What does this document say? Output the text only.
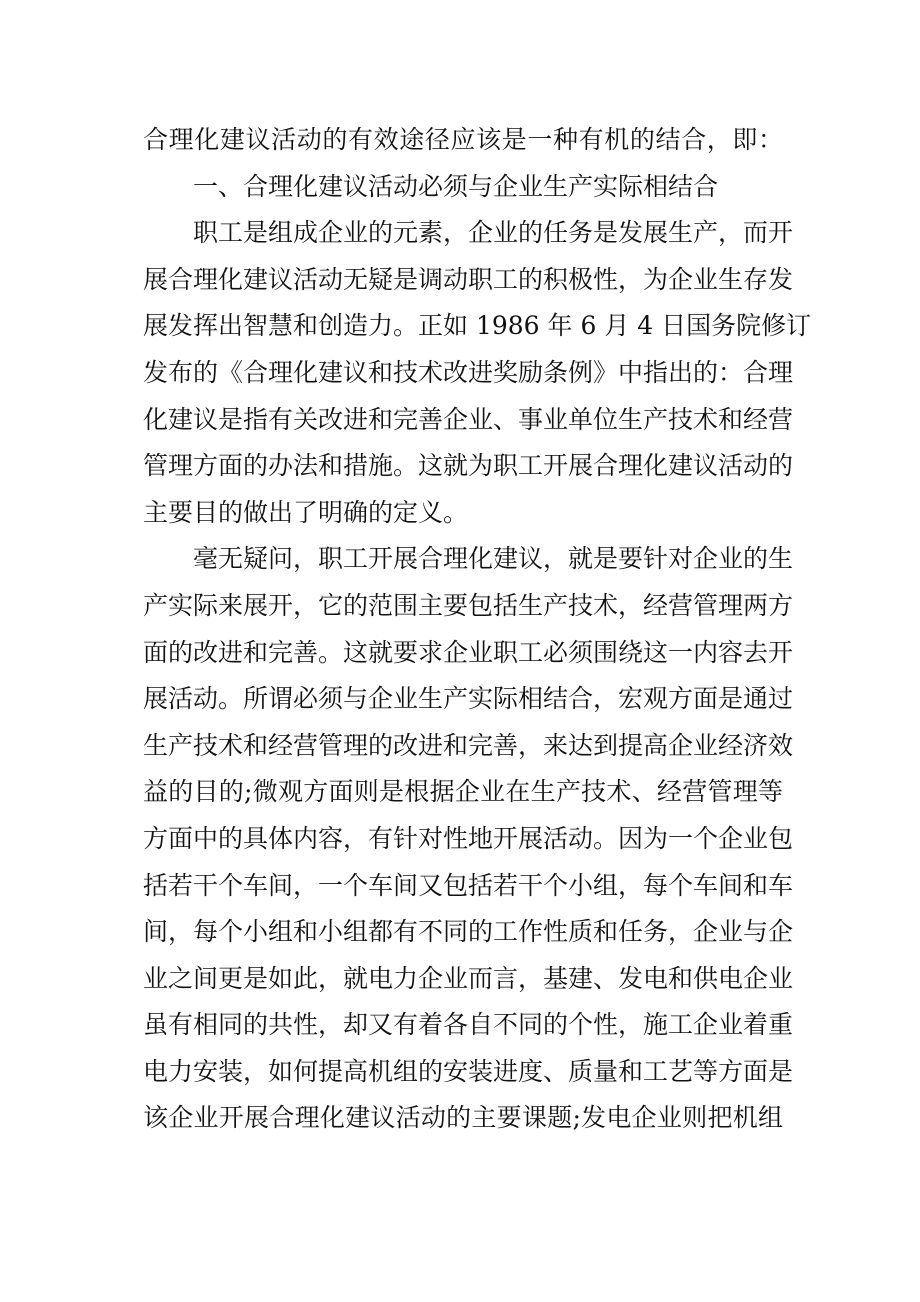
合理化建议活动的有效途径应该是一种有机的结合，即：
一、合理化建议活动必须与企业生产实际相结合
职工是组成企业的元素，企业的任务是发展生产，而开
展合理化建议活动无疑是调动职工的积极性，为企业生存发
展发挥出智慧和创造力。正如 1986 年 6 月 4 日国务院修订
发布的《合理化建议和技术改进奖励条例》中指出的：合理
化建议是指有关改进和完善企业、事业单位生产技术和经营
管理方面的办法和措施。这就为职工开展合理化建议活动的
主要目的做出了明确的定义。
毫无疑问，职工开展合理化建议，就是要针对企业的生
产实际来展开，它的范围主要包括生产技术，经营管理两方
面的改进和完善。这就要求企业职工必须围绕这一内容去开
展活动。所谓必须与企业生产实际相结合，宏观方面是通过
生产技术和经营管理的改进和完善，来达到提高企业经济效
益的目的;微观方面则是根据企业在生产技术、经营管理等
方面中的具体内容，有针对性地开展活动。因为一个企业包
括若干个车间，一个车间又包括若干个小组，每个车间和车
间，每个小组和小组都有不同的工作性质和任务，企业与企
业之间更是如此，就电力企业而言，基建、发电和供电企业
虽有相同的共性，却又有着各自不同的个性，施工企业着重
电力安装，如何提高机组的安装进度、质量和工艺等方面是
该企业开展合理化建议活动的主要课题;发电企业则把机组
